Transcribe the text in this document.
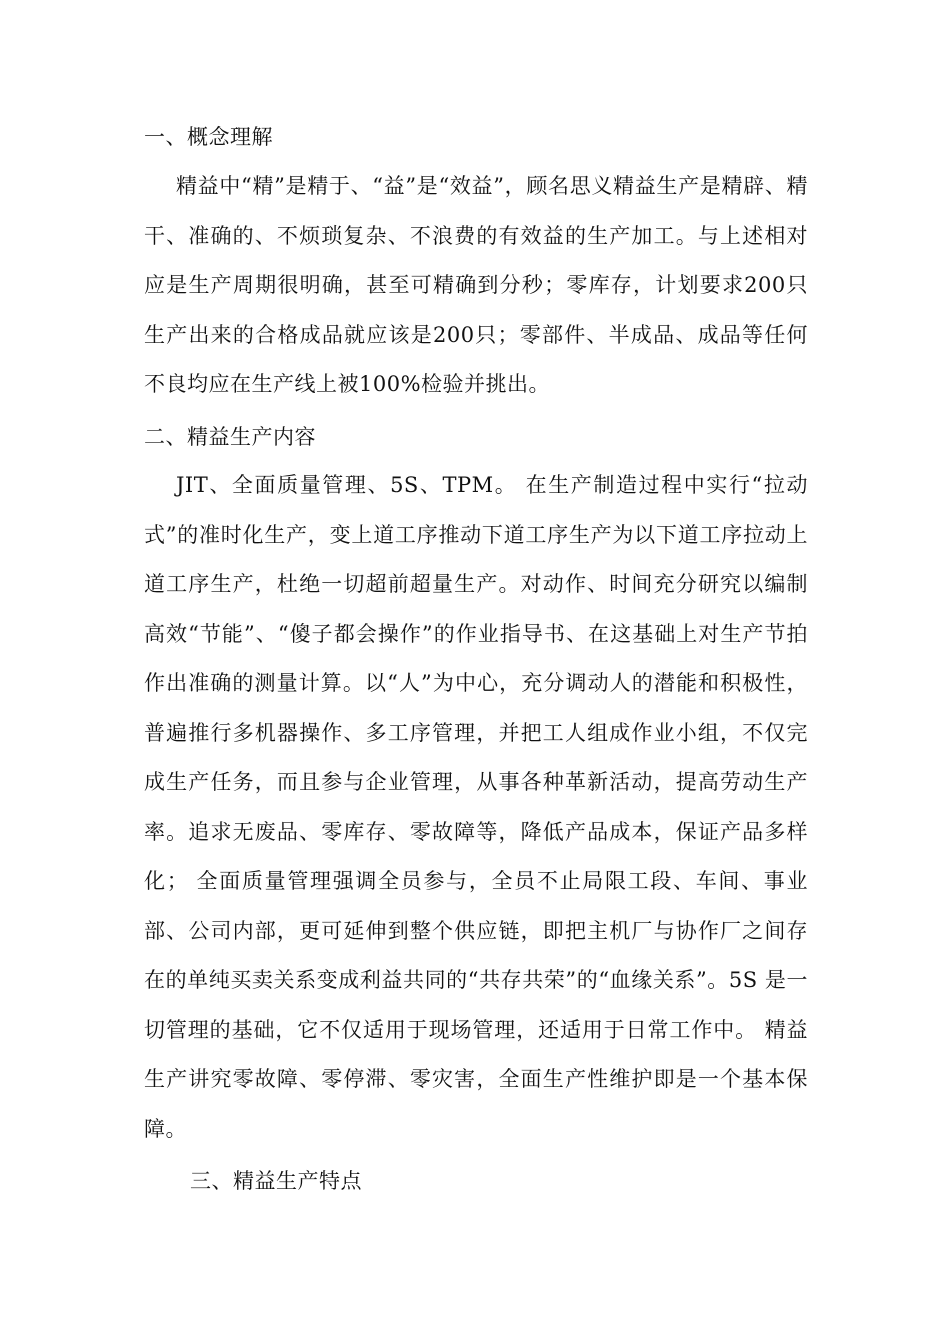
一、概念理解
精益中“精”是精于、“益”是“效益”，顾名思义精益生产是精辟、精干、准确的、不烦琐复杂、不浪费的有效益的生产加工。与上述相对应是生产周期很明确，甚至可精确到分秒；零库存，计划要求200只生产出来的合格成品就应该是200只；零部件、半成品、成品等任何不良均应在生产线上被100%检验并挑出。
二、精益生产内容
JIT、全面质量管理、5S、TPM。 在生产制造过程中实行“拉动式”的准时化生产，变上道工序推动下道工序生产为以下道工序拉动上道工序生产，杜绝一切超前超量生产。对动作、时间充分研究以编制高效“节能”、“傻子都会操作”的作业指导书、在这基础上对生产节拍作出准确的测量计算。以“人”为中心，充分调动人的潜能和积极性，普遍推行多机器操作、多工序管理，并把工人组成作业小组，不仅完成生产任务，而且参与企业管理，从事各种革新活动，提高劳动生产率。追求无废品、零库存、零故障等，降低产品成本，保证产品多样化； 全面质量管理强调全员参与，全员不止局限工段、车间、事业部、公司内部，更可延伸到整个供应链，即把主机厂与协作厂之间存在的单纯买卖关系变成利益共同的“共存共荣”的“血缘关系”。5S 是一切管理的基础，它不仅适用于现场管理，还适用于日常工作中。 精益生产讲究零故障、零停滞、零灾害，全面生产性维护即是一个基本保障。
三、精益生产特点
